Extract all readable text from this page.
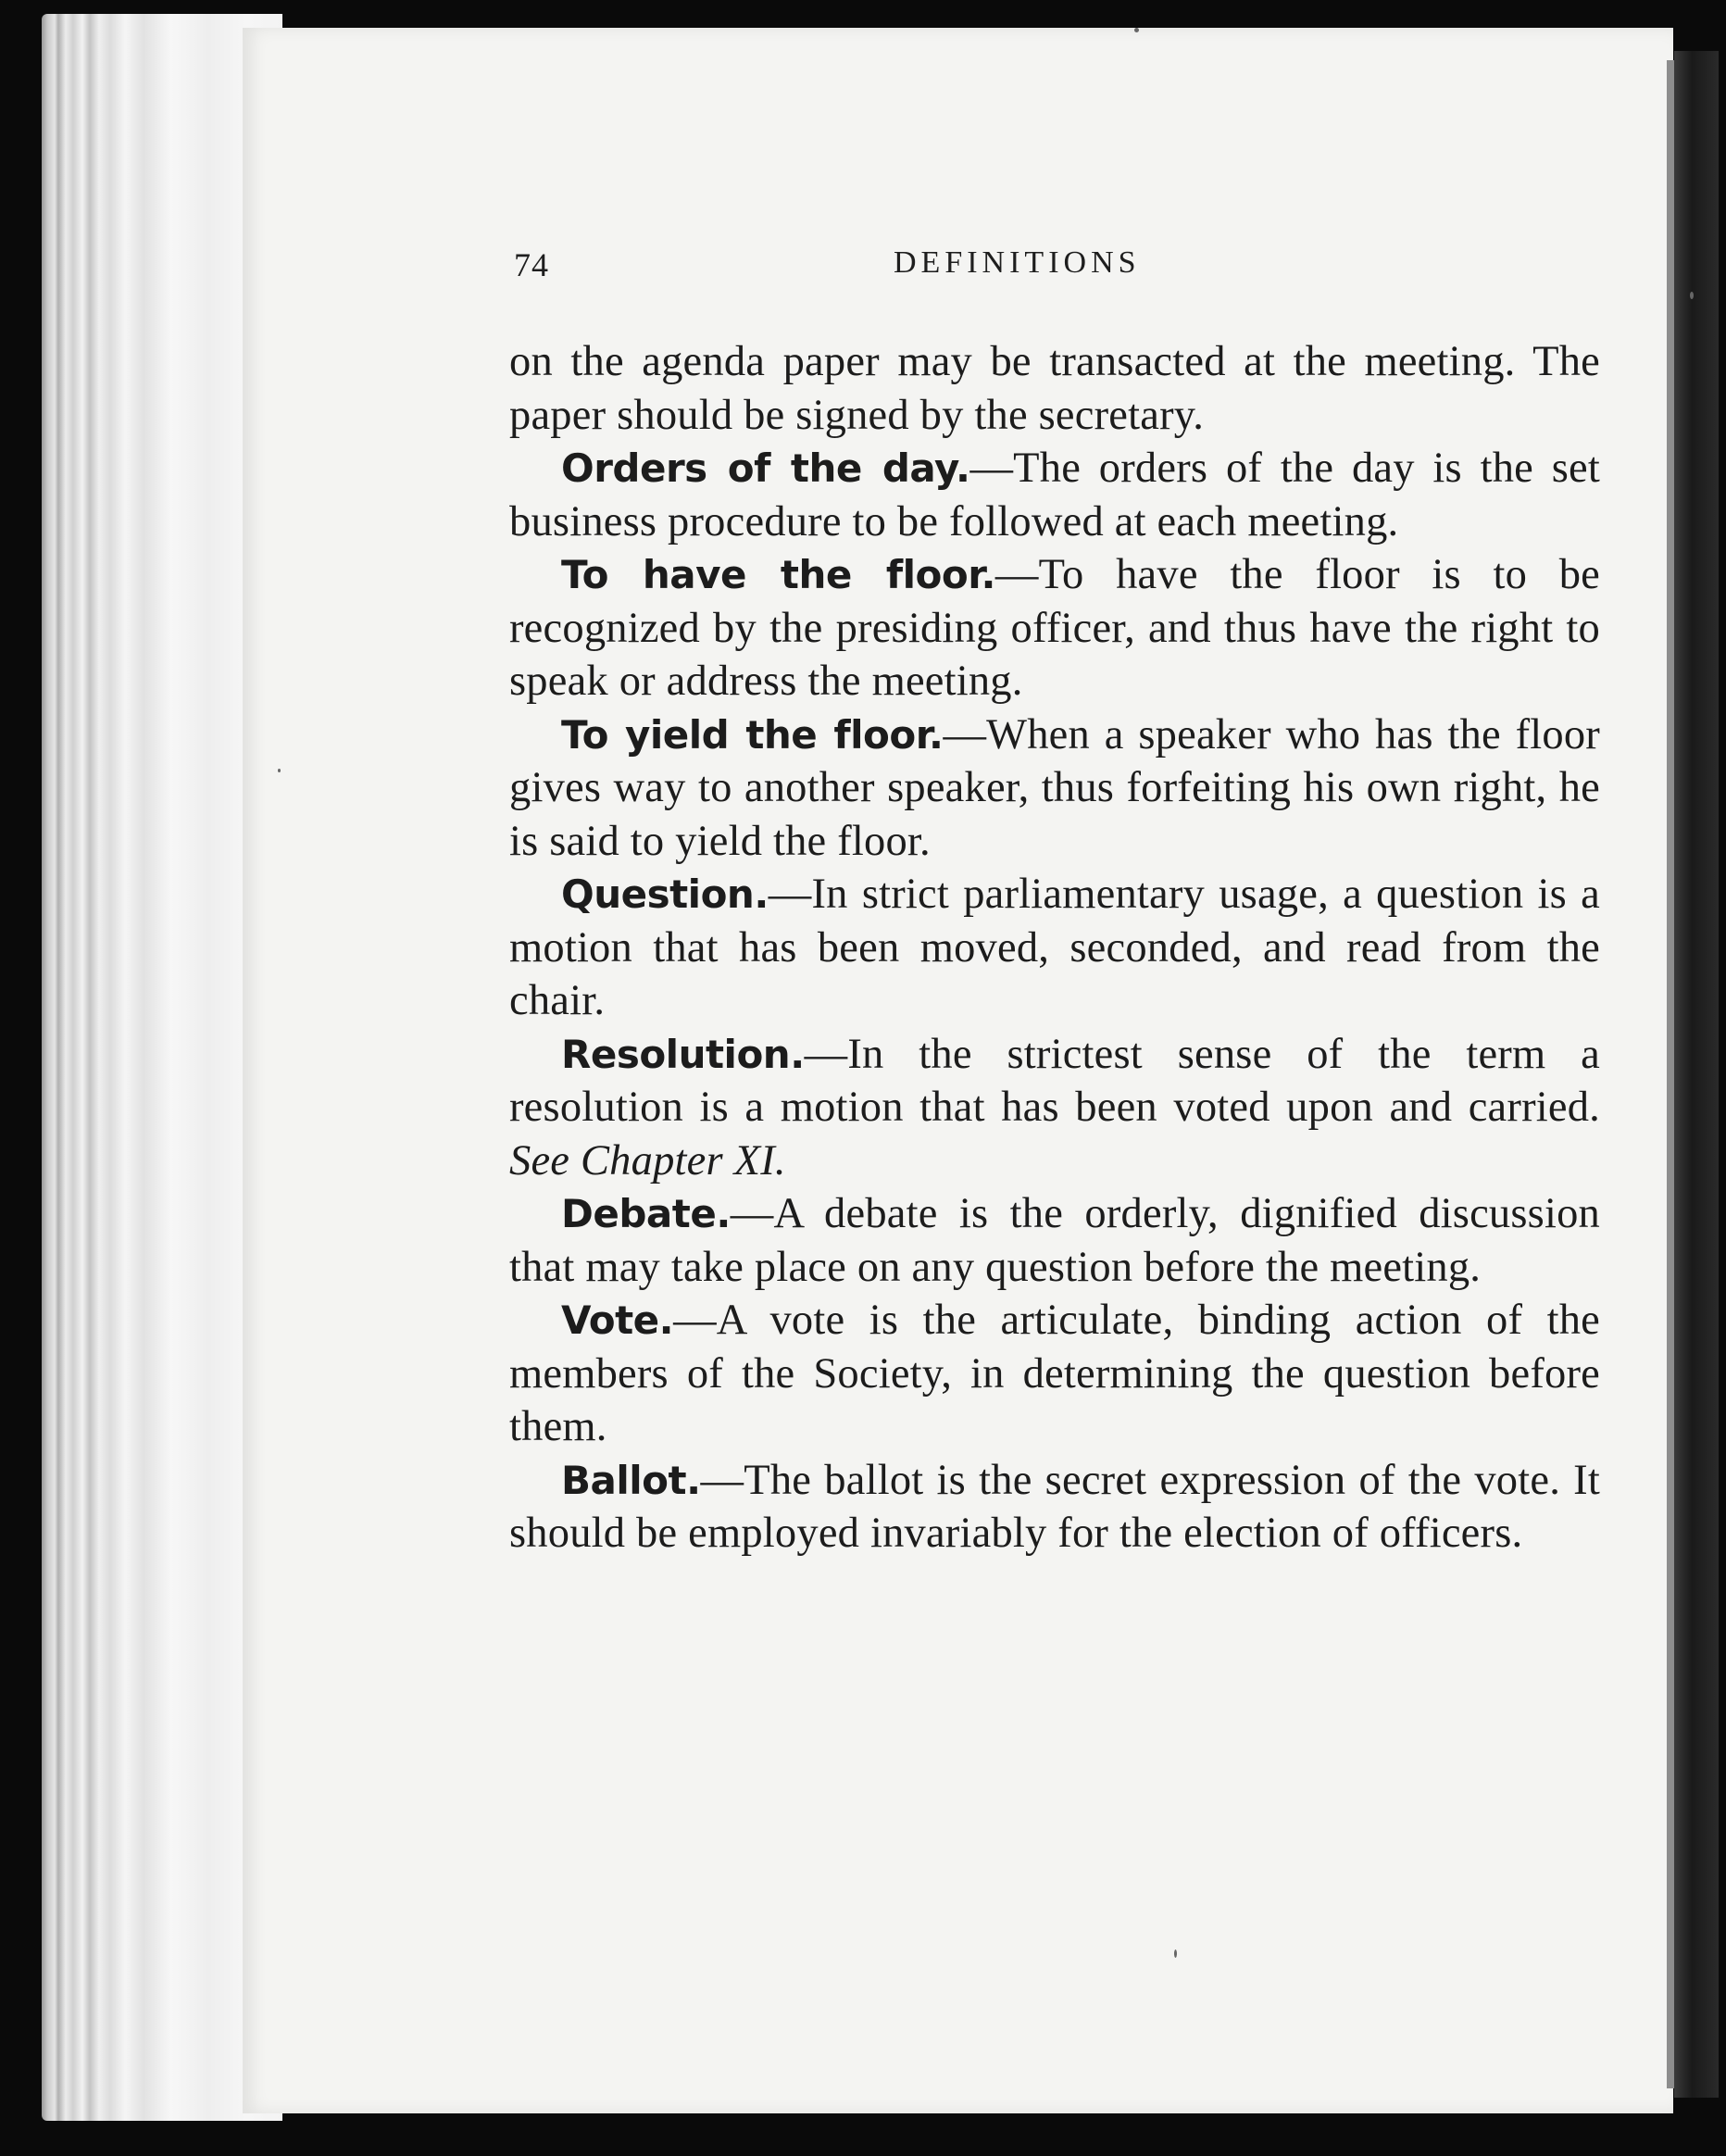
74	DEFINITIONS

on the agenda paper may be transacted at the meeting. The paper should be signed by the secretary.

Orders of the day.—The orders of the day is the set business procedure to be followed at each meeting.

To have the floor.—To have the floor is to be recognized by the presiding officer, and thus have the right to speak or address the meeting.

To yield the floor.—When a speaker who has the floor gives way to another speaker, thus forfeiting his own right, he is said to yield the floor.

Question.—In strict parliamentary usage, a question is a motion that has been moved, seconded, and read from the chair.

Resolution.—In the strictest sense of the term a resolution is a motion that has been voted upon and carried. See Chapter XI.

Debate.—A debate is the orderly, dignified discussion that may take place on any question before the meeting.

Vote.—A vote is the articulate, binding action of the members of the Society, in determining the question before them.

Ballot.—The ballot is the secret expression of the vote. It should be employed invariably for the election of officers.
